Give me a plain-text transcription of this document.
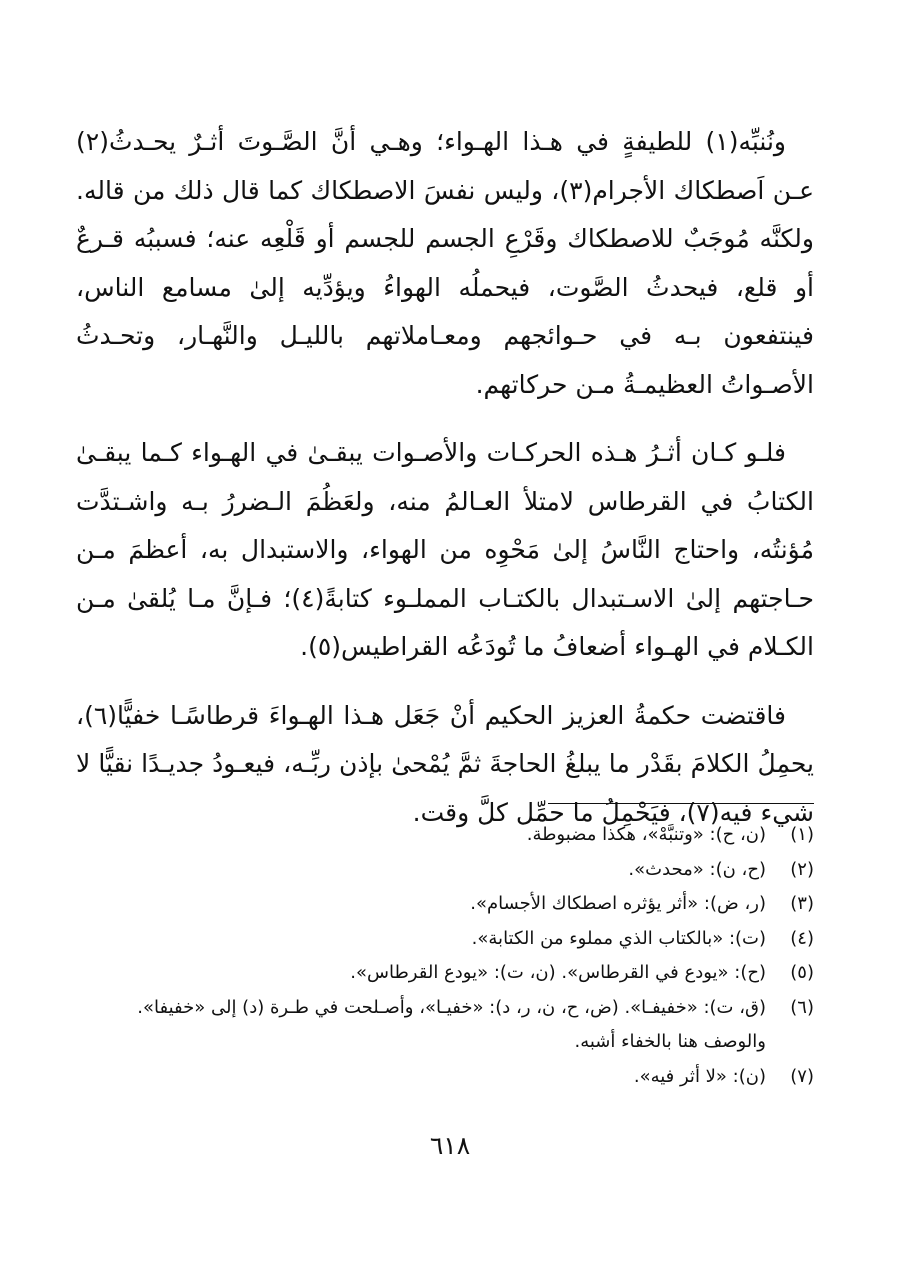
ونُنبِّه(١) للطيفةٍ في هـذا الهـواء؛ وهـي أنَّ الصَّـوتَ أثـرٌ يحـدثُ(٢) عـن اَصطكاك الأجرام(٣)، وليس نفسَ الاصطكاك كما قال ذلك من قاله. ولكنَّه مُوجَبٌ للاصطكاك وقَرْعِ الجسم للجسم أو قَلْعِه عنه؛ فسببُه قـرعٌ أو قلع، فيحدثُ الصَّوت، فيحملُه الهواءُ ويؤدِّيه إلىٰ مسامع الناس، فينتفعون بـه في حـوائجهم ومعـاملاتهم بالليـل والنَّهـار، وتحـدثُ الأصـواتُ العظيمـةُ مـن حركاتهم.

فلـو كـان أثـرُ هـذه الحركـات والأصـوات يبقـىٰ في الهـواء كـما يبقـىٰ الكتابُ في القرطاس لامتلأ العـالمُ منه، ولعَظُمَ الـضررُ بـه واشـتدَّت مُؤنتُه، واحتاج النَّاسُ إلىٰ مَحْوِه من الهواء، والاستبدال به، أعظمَ مـن حـاجتهم إلىٰ الاسـتبدال بالكتـاب المملـوء كتابةً(٤)؛ فـإنَّ مـا يُلقىٰ مـن الكـلام في الهـواء أضعافُ ما تُودَعُه القراطيس(٥).

فاقتضت حكمةُ العزيز الحكيم أنْ جَعَل هـذا الهـواءَ قرطاسًـا خفيًّا(٦)، يحمِلُ الكلامَ بقَدْر ما يبلغُ الحاجةَ ثمَّ يُمْحىٰ بإذن ربِّـه، فيعـودُ جديـدًا نقيًّا لا شيء فيه(٧)، فيَحْمِلُ ما حمِّل كلَّ وقت.

(١)
(ن، ح): «وتنبَّهْ»، هكذا مضبوطة.
(٢)
(ح، ن): «محدث».
(٣)
(ر، ض): «أثر يؤثره اصطكاك الأجسام».
(٤)
(ت): «بالكتاب الذي مملوء من الكتابة».
(٥)
(ح): «يودع في القرطاس». (ن، ت): «يودع القرطاس».
(٦)
(ق، ت): «خفيفـا». (ض، ح، ن، ر، د): «خفيـا»، وأصـلحت في طـرة (د) إلى «خفيفا». والوصف هنا بالخفاء أشبه.
(٧)
(ن): «لا أثر فيه».
٦١٨
